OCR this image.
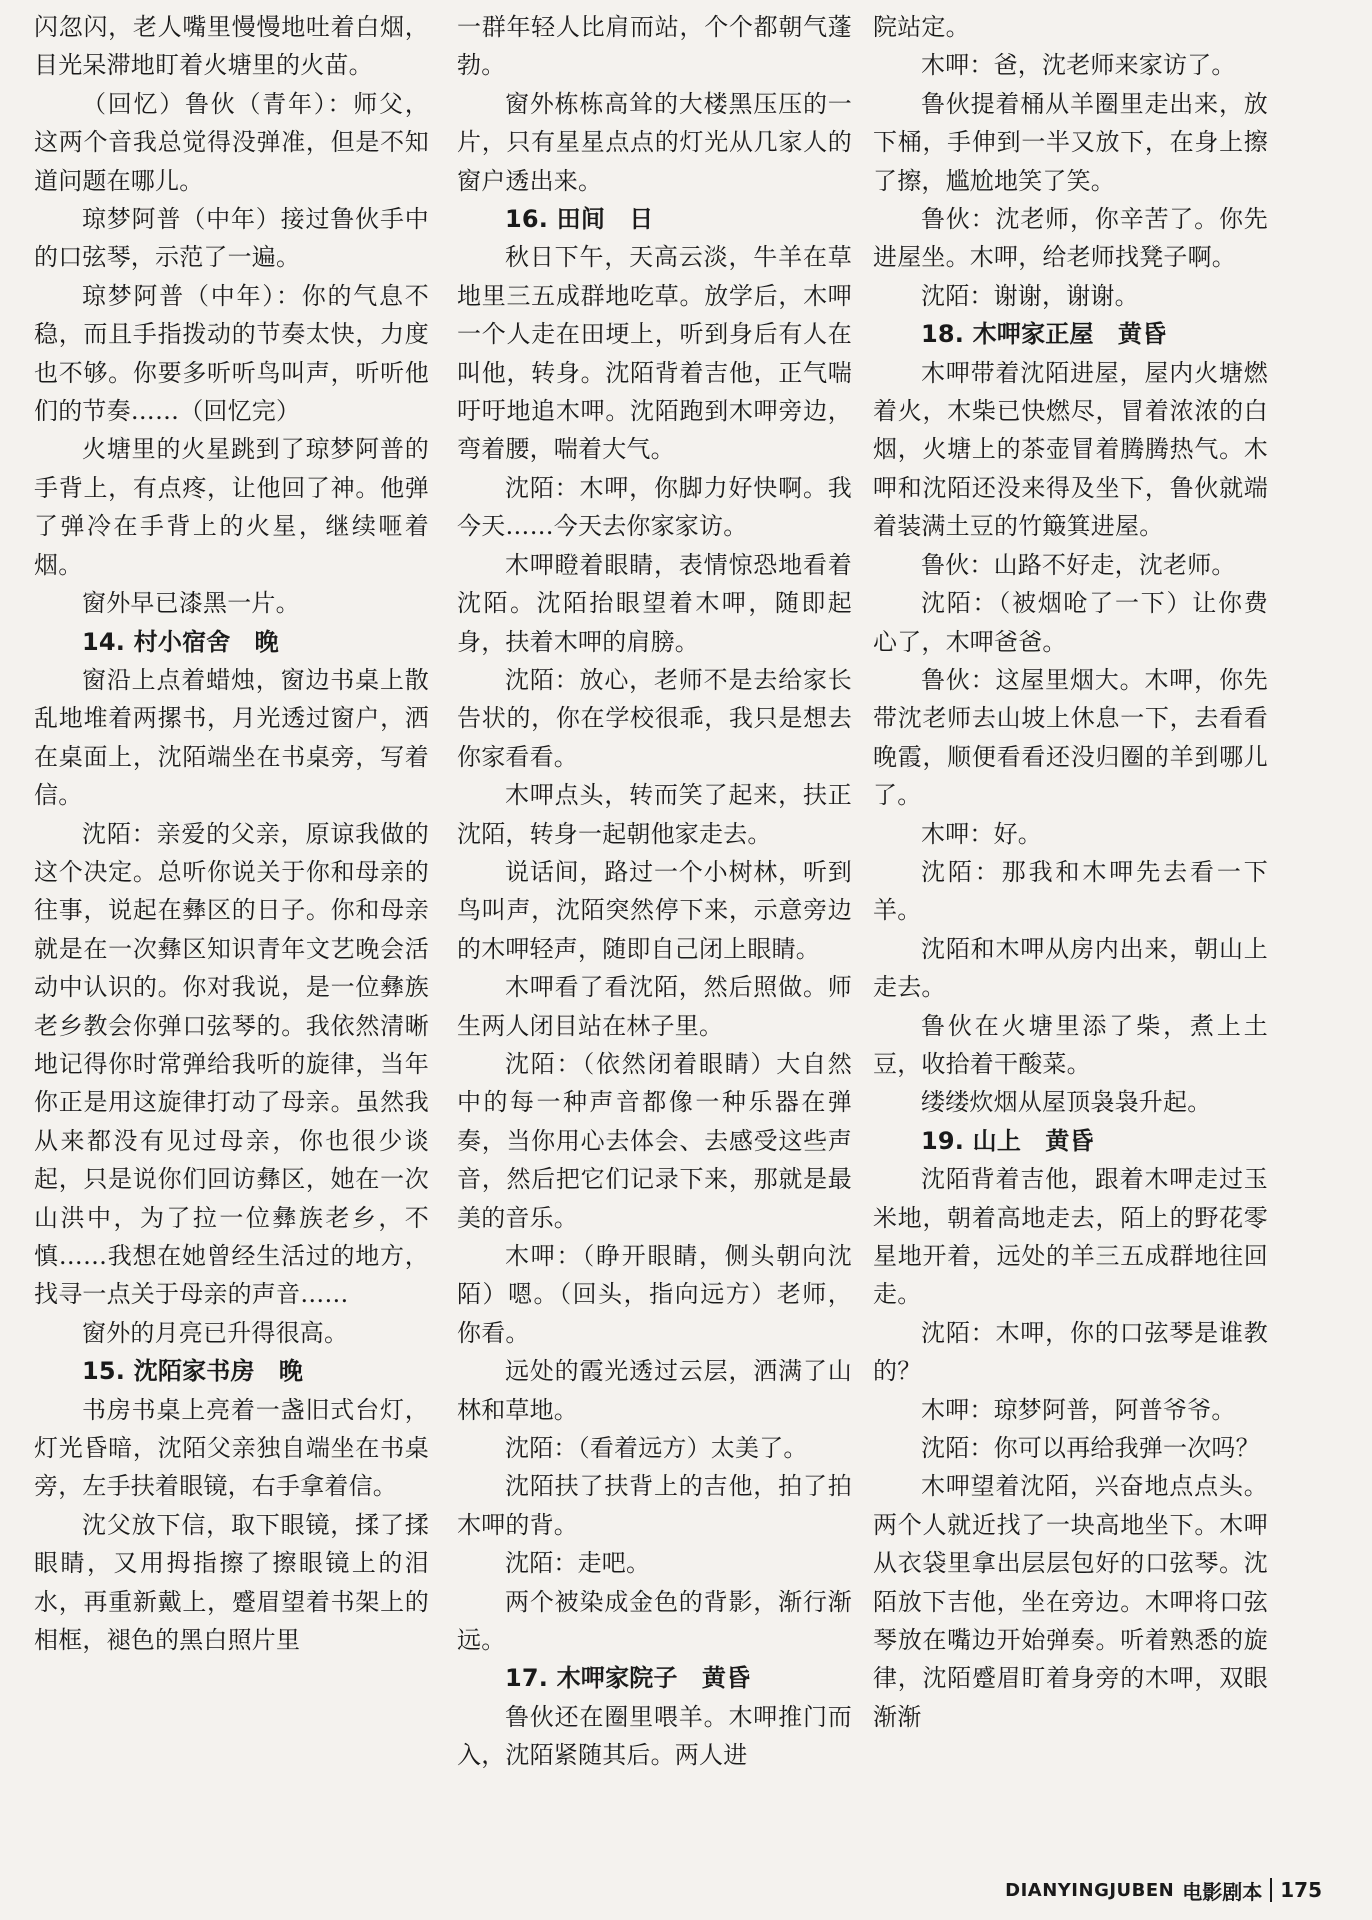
闪忽闪，老人嘴里慢慢地吐着白烟，目光呆滞地盯着火塘里的火苗。

（回忆）鲁伙（青年）：师父，这两个音我总觉得没弹准，但是不知道问题在哪儿。

琼梦阿普（中年）接过鲁伙手中的口弦琴，示范了一遍。

琼梦阿普（中年）：你的气息不稳，而且手指拨动的节奏太快，力度也不够。你要多听听鸟叫声，听听他们的节奏……（回忆完）

火塘里的火星跳到了琼梦阿普的手背上，有点疼，让他回了神。他弹了弹冷在手背上的火星，继续咂着烟。

窗外早已漆黑一片。

14. 村小宿舍　晚

窗沿上点着蜡烛，窗边书桌上散乱地堆着两摞书，月光透过窗户，洒在桌面上，沈陌端坐在书桌旁，写着信。

沈陌：亲爱的父亲，原谅我做的这个决定。总听你说关于你和母亲的往事，说起在彝区的日子。你和母亲就是在一次彝区知识青年文艺晚会活动中认识的。你对我说，是一位彝族老乡教会你弹口弦琴的。我依然清晰地记得你时常弹给我听的旋律，当年你正是用这旋律打动了母亲。虽然我从来都没有见过母亲，你也很少谈起，只是说你们回访彝区，她在一次山洪中，为了拉一位彝族老乡，不慎……我想在她曾经生活过的地方，找寻一点关于母亲的声音……

窗外的月亮已升得很高。

15. 沈陌家书房　晚

书房书桌上亮着一盏旧式台灯，灯光昏暗，沈陌父亲独自端坐在书桌旁，左手扶着眼镜，右手拿着信。

沈父放下信，取下眼镜，揉了揉眼睛，又用拇指擦了擦眼镜上的泪水，再重新戴上，蹙眉望着书架上的相框，褪色的黑白照片里

一群年轻人比肩而站，个个都朝气蓬勃。

窗外栋栋高耸的大楼黑压压的一片，只有星星点点的灯光从几家人的窗户透出来。

16. 田间　日

秋日下午，天高云淡，牛羊在草地里三五成群地吃草。放学后，木呷一个人走在田埂上，听到身后有人在叫他，转身。沈陌背着吉他，正气喘吁吁地追木呷。沈陌跑到木呷旁边，弯着腰，喘着大气。

沈陌：木呷，你脚力好快啊。我今天……今天去你家家访。

木呷瞪着眼睛，表情惊恐地看着沈陌。沈陌抬眼望着木呷，随即起身，扶着木呷的肩膀。

沈陌：放心，老师不是去给家长告状的，你在学校很乖，我只是想去你家看看。

木呷点头，转而笑了起来，扶正沈陌，转身一起朝他家走去。

说话间，路过一个小树林，听到鸟叫声，沈陌突然停下来，示意旁边的木呷轻声，随即自己闭上眼睛。

木呷看了看沈陌，然后照做。师生两人闭目站在林子里。

沈陌：（依然闭着眼睛）大自然中的每一种声音都像一种乐器在弹奏，当你用心去体会、去感受这些声音，然后把它们记录下来，那就是最美的音乐。

木呷：（睁开眼睛，侧头朝向沈陌）嗯。（回头，指向远方）老师，你看。

远处的霞光透过云层，洒满了山林和草地。

沈陌：（看着远方）太美了。

沈陌扶了扶背上的吉他，拍了拍木呷的背。

沈陌：走吧。

两个被染成金色的背影，渐行渐远。

17. 木呷家院子　黄昏

鲁伙还在圈里喂羊。木呷推门而入，沈陌紧随其后。两人进

院站定。

木呷：爸，沈老师来家访了。

鲁伙提着桶从羊圈里走出来，放下桶，手伸到一半又放下，在身上擦了擦，尴尬地笑了笑。

鲁伙：沈老师，你辛苦了。你先进屋坐。木呷，给老师找凳子啊。

沈陌：谢谢，谢谢。

18. 木呷家正屋　黄昏

木呷带着沈陌进屋，屋内火塘燃着火，木柴已快燃尽，冒着浓浓的白烟，火塘上的茶壶冒着腾腾热气。木呷和沈陌还没来得及坐下，鲁伙就端着装满土豆的竹簸箕进屋。

鲁伙：山路不好走，沈老师。

沈陌：（被烟呛了一下）让你费心了，木呷爸爸。

鲁伙：这屋里烟大。木呷，你先带沈老师去山坡上休息一下，去看看晚霞，顺便看看还没归圈的羊到哪儿了。

木呷：好。

沈陌：那我和木呷先去看一下羊。

沈陌和木呷从房内出来，朝山上走去。

鲁伙在火塘里添了柴，煮上土豆，收拾着干酸菜。

缕缕炊烟从屋顶袅袅升起。

19. 山上　黄昏

沈陌背着吉他，跟着木呷走过玉米地，朝着高地走去，陌上的野花零星地开着，远处的羊三五成群地往回走。

沈陌：木呷，你的口弦琴是谁教的？

木呷：琼梦阿普，阿普爷爷。

沈陌：你可以再给我弹一次吗？

木呷望着沈陌，兴奋地点点头。两个人就近找了一块高地坐下。木呷从衣袋里拿出层层包好的口弦琴。沈陌放下吉他，坐在旁边。木呷将口弦琴放在嘴边开始弹奏。听着熟悉的旋律，沈陌蹙眉盯着身旁的木呷，双眼渐渐

DIANYINGJUBEN 电影剧本 175
